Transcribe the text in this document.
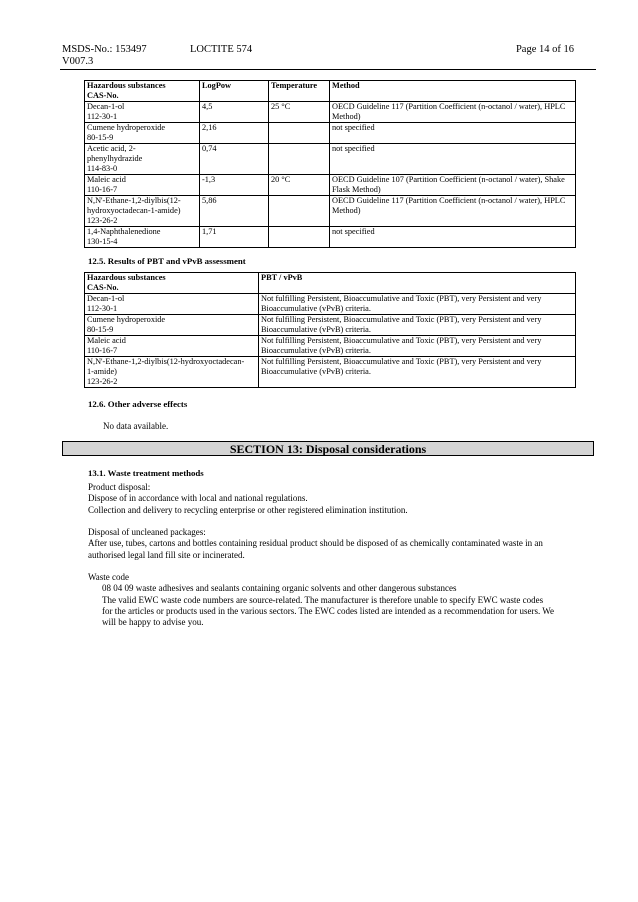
MSDS-No.: 153497	LOCTITE 574
V007.3
Page 14 of 16
Hazardous substances
CAS-No.	LogPow	Temperature	Method

Decan-1-ol
112-30-1	4,5	25 °C	OECD Guideline 117 (Partition Coefficient (n-octanol / water), HPLC
Method)

Cumene hydroperoxide
80-15-9	2,16		not specified

Acetic acid, 2-
phenylhydrazide
114-83-0	0,74		not specified

Maleic acid
110-16-7	-1,3	20 °C	OECD Guideline 107 (Partition Coefficient (n-octanol / water), Shake
Flask Method)

N,N'-Ethane-1,2-diylbis(12-
hydroxyoctadecan-1-amide)
123-26-2	5,86		OECD Guideline 117 (Partition Coefficient (n-octanol / water), HPLC
Method)

1,4-Naphthalenedione
130-15-4	1,71		not specified
12.5. Results of PBT and vPvB assessment
Hazardous substances
CAS-No.	PBT / vPvB

Decan-1-ol
112-30-1	Not fulfilling Persistent, Bioaccumulative and Toxic (PBT), very Persistent and very
Bioaccumulative (vPvB) criteria.

Cumene hydroperoxide
80-15-9	Not fulfilling Persistent, Bioaccumulative and Toxic (PBT), very Persistent and very
Bioaccumulative (vPvB) criteria.

Maleic acid
110-16-7	Not fulfilling Persistent, Bioaccumulative and Toxic (PBT), very Persistent and very
Bioaccumulative (vPvB) criteria.

N,N'-Ethane-1,2-diylbis(12-hydroxyoctadecan-
1-amide)
123-26-2	Not fulfilling Persistent, Bioaccumulative and Toxic (PBT), very Persistent and very
Bioaccumulative (vPvB) criteria.
12.6. Other adverse effects
No data available.
SECTION 13: Disposal considerations
13.1. Waste treatment methods
Product disposal:
Dispose of in accordance with local and national regulations.
Collection and delivery to recycling enterprise or other registered elimination institution.
Disposal of uncleaned packages:
After use, tubes, cartons and bottles containing residual product should be disposed of as chemically contaminated waste in an
authorised legal land fill site or incinerated.
Waste code
08 04 09 waste adhesives and sealants containing organic solvents and other dangerous substances
The valid EWC waste code numbers are source-related. The manufacturer is therefore unable to specify EWC waste codes
for the articles or products used in the various sectors. The EWC codes listed are intended as a recommendation for users. We
will be happy to advise you.
